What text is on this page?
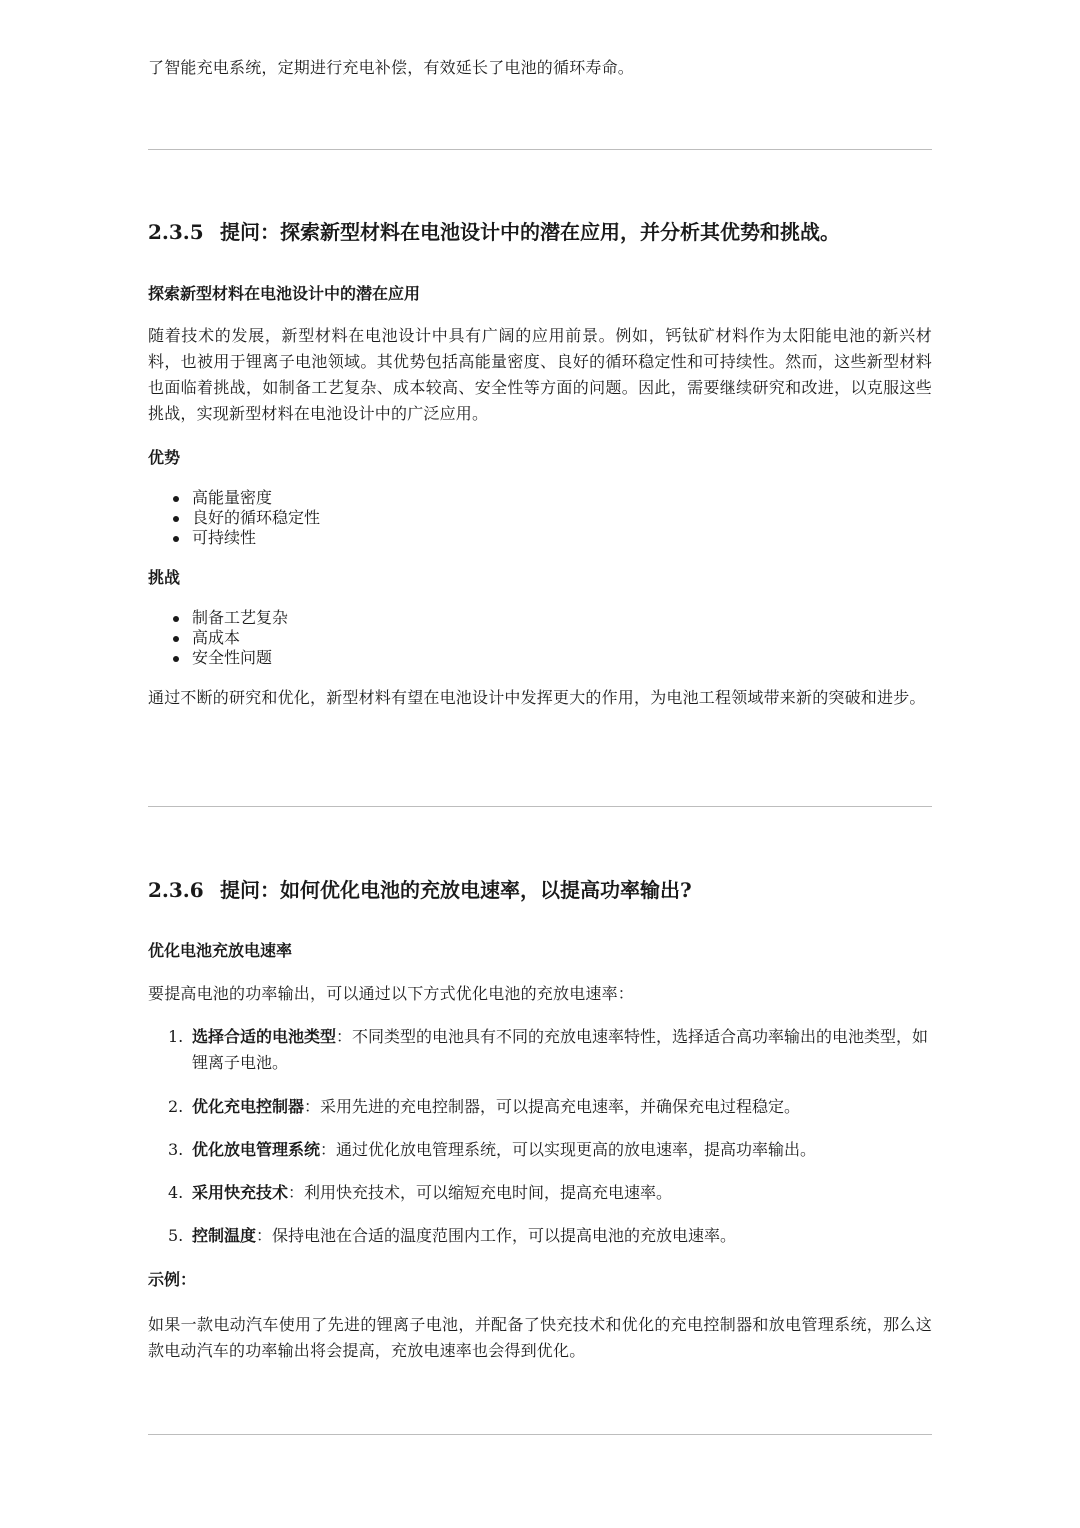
了智能充电系统，定期进行充电补偿，有效延长了电池的循环寿命。

2.3.5 提问：探索新型材料在电池设计中的潜在应用，并分析其优势和挑战。
探索新型材料在电池设计中的潜在应用

随着技术的发展，新型材料在电池设计中具有广阔的应用前景。例如，钙钛矿材料作为太阳能电池的新兴材料，也被用于锂离子电池领域。其优势包括高能量密度、良好的循环稳定性和可持续性。然而，这些新型材料也面临着挑战，如制备工艺复杂、成本较高、安全性等方面的问题。因此，需要继续研究和改进，以克服这些挑战，实现新型材料在电池设计中的广泛应用。

优势
高能量密度
良好的循环稳定性
可持续性
挑战
制备工艺复杂
高成本
安全性问题

通过不断的研究和优化，新型材料有望在电池设计中发挥更大的作用，为电池工程领域带来新的突破和进步。

2.3.6 提问：如何优化电池的充放电速率，以提高功率输出?
优化电池充放电速率

要提高电池的功率输出，可以通过以下方式优化电池的充放电速率：

1. 选择合适的电池类型：不同类型的电池具有不同的充放电速率特性，选择适合高功率输出的电池类型，如锂离子电池。
2. 优化充电控制器：采用先进的充电控制器，可以提高充电速率，并确保充电过程稳定。
3. 优化放电管理系统：通过优化放电管理系统，可以实现更高的放电速率，提高功率输出。
4. 采用快充技术：利用快充技术，可以缩短充电时间，提高充电速率。
5. 控制温度：保持电池在合适的温度范围内工作，可以提高电池的充放电速率。
示例：

如果一款电动汽车使用了先进的锂离子电池，并配备了快充技术和优化的充电控制器和放电管理系统，那么这款电动汽车的功率输出将会提高，充放电速率也会得到优化。
